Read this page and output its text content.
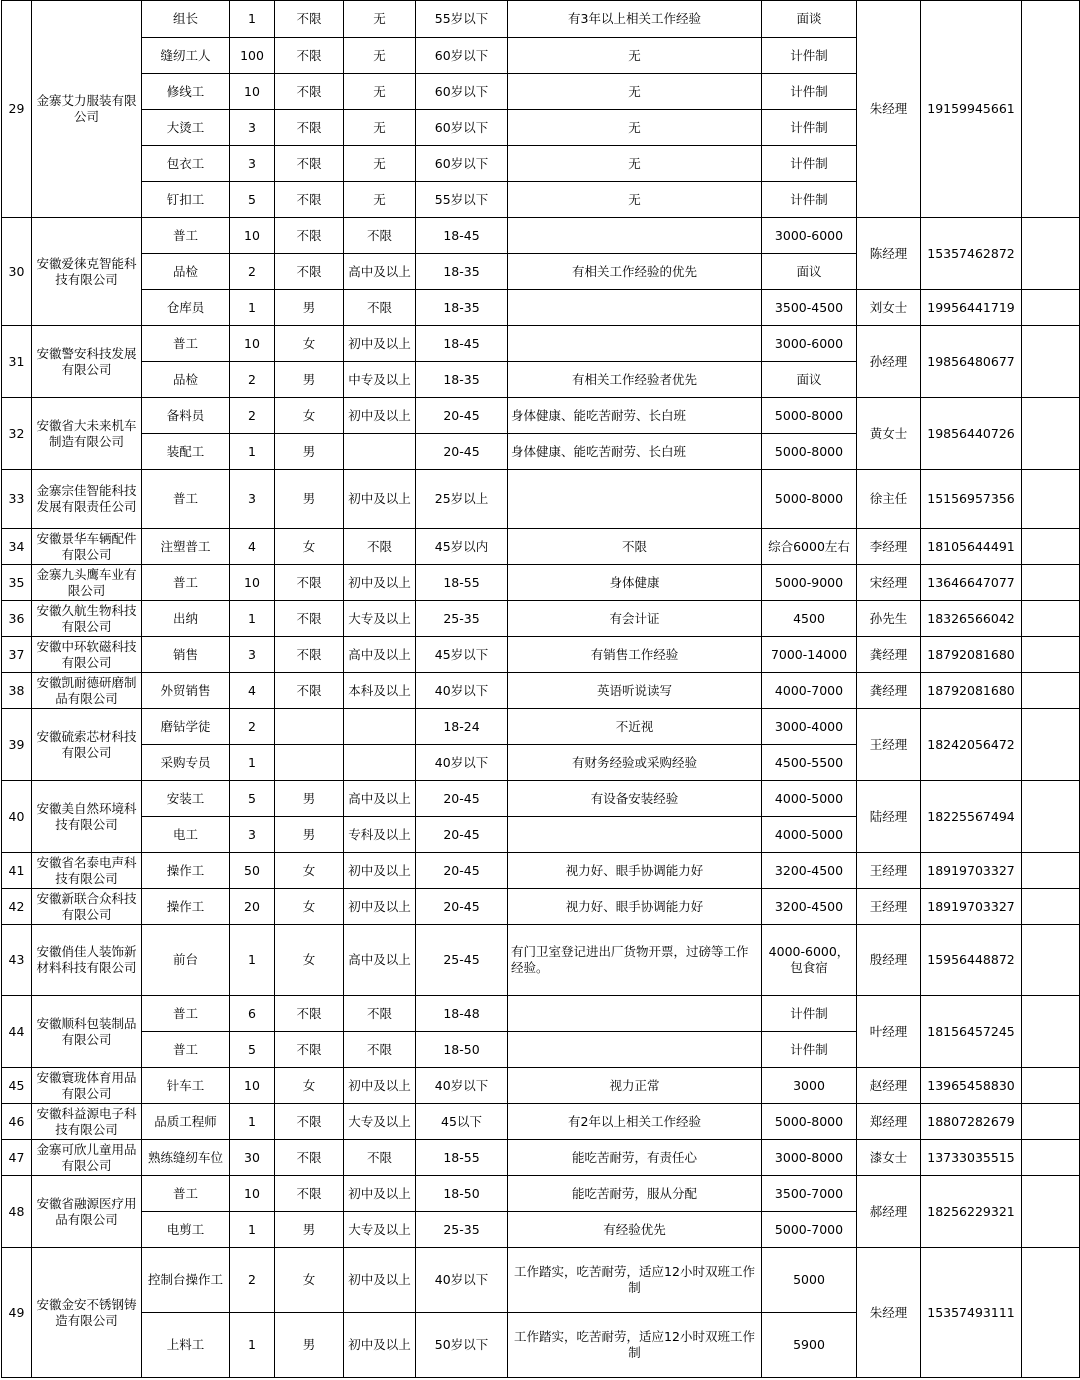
29	金寨艾力服装有限公司	组长	1	不限	无	55岁以下	有3年以上相关工作经验	面谈	朱经理	19159945661	
		缝纫工人	100	不限	无	60岁以下	无	计件制			
		修线工	10	不限	无	60岁以下	无	计件制			
		大烫工	3	不限	无	60岁以下	无	计件制			
		包衣工	3	不限	无	60岁以下	无	计件制			
		钉扣工	5	不限	无	55岁以下	无	计件制			
30	安徽爱徕克智能科技有限公司	普工	10	不限	不限	18-45		3000-6000	陈经理	15357462872	
		品检	2	不限	高中及以上	18-35	有相关工作经验的优先	面议			
		仓库员	1	男	不限	18-35		3500-4500	刘女士	19956441719	
31	安徽警安科技发展有限公司	普工	10	女	初中及以上	18-45		3000-6000	孙经理	19856480677	
		品检	2	男	中专及以上	18-35	有相关工作经验者优先	面议			
32	安徽省大未来机车制造有限公司	备料员	2	女	初中及以上	20-45	身体健康、能吃苦耐劳、长白班	5000-8000	黄女士	19856440726	
		装配工	1	男		20-45	身体健康、能吃苦耐劳、长白班	5000-8000			
33	金寨宗佳智能科技发展有限责任公司	普工	3	男	初中及以上	25岁以上		5000-8000	徐主任	15156957356	
34	安徽景华车辆配件有限公司	注塑普工	4	女	不限	45岁以内	不限	综合6000左右	李经理	18105644491	
35	金寨九头鹰车业有限公司	普工	10	不限	初中及以上	18-55	身体健康	5000-9000	宋经理	13646647077	
36	安徽久航生物科技有限公司	出纳	1	不限	大专及以上	25-35	有会计证	4500	孙先生	18326566042	
37	安徽中环软磁科技有限公司	销售	3	不限	高中及以上	45岁以下	有销售工作经验	7000-14000	龚经理	18792081680	
38	安徽凯耐德研磨制品有限公司	外贸销售	4	不限	本科及以上	40岁以下	英语听说读写	4000-7000	龚经理	18792081680	
39	安徽硫索芯材科技有限公司	磨钻学徒	2			18-24	不近视	3000-4000	王经理	18242056472	
		采购专员	1			40岁以下	有财务经验或采购经验	4500-5500			
40	安徽美自然环境科技有限公司	安装工	5	男	高中及以上	20-45	有设备安装经验	4000-5000	陆经理	18225567494	
		电工	3	男	专科及以上	20-45		4000-5000			
41	安徽省名泰电声科技有限公司	操作工	50	女	初中及以上	20-45	视力好、眼手协调能力好	3200-4500	王经理	18919703327	
42	安徽新联合众科技有限公司	操作工	20	女	初中及以上	20-45	视力好、眼手协调能力好	3200-4500	王经理	18919703327	
43	安徽俏佳人装饰新材料科技有限公司	前台	1	女	高中及以上	25-45	有门卫室登记进出厂货物开票，过磅等工作经验。	4000-6000，包食宿	殷经理	15956448872	
44	安徽顺科包装制品有限公司	普工	6	不限	不限	18-48		计件制	叶经理	18156457245	
		普工	5	不限	不限	18-50		计件制			
45	安徽寰珑体育用品有限公司	针车工	10	女	初中及以上	40岁以下	视力正常	3000	赵经理	13965458830	
46	安徽科益源电子科技有限公司	品质工程师	1	不限	大专及以上	45以下	有2年以上相关工作经验	5000-8000	郑经理	18807282679	
47	金寨可欣儿童用品有限公司	熟练缝纫车位	30	不限	不限	18-55	能吃苦耐劳，有责任心	3000-8000	漆女士	13733035515	
48	安徽省融源医疗用品有限公司	普工	10	不限	初中及以上	18-50	能吃苦耐劳，服从分配	3500-7000	郝经理	18256229321	
		电剪工	1	男	大专及以上	25-35	有经验优先	5000-7000			
49	安徽金安不锈钢铸造有限公司	控制台操作工	2	女	初中及以上	40岁以下	工作踏实，吃苦耐劳，适应12小时双班工作制	5000	朱经理	15357493111	
		上料工	1	男	初中及以上	50岁以下	工作踏实，吃苦耐劳，适应12小时双班工作制	5900			
